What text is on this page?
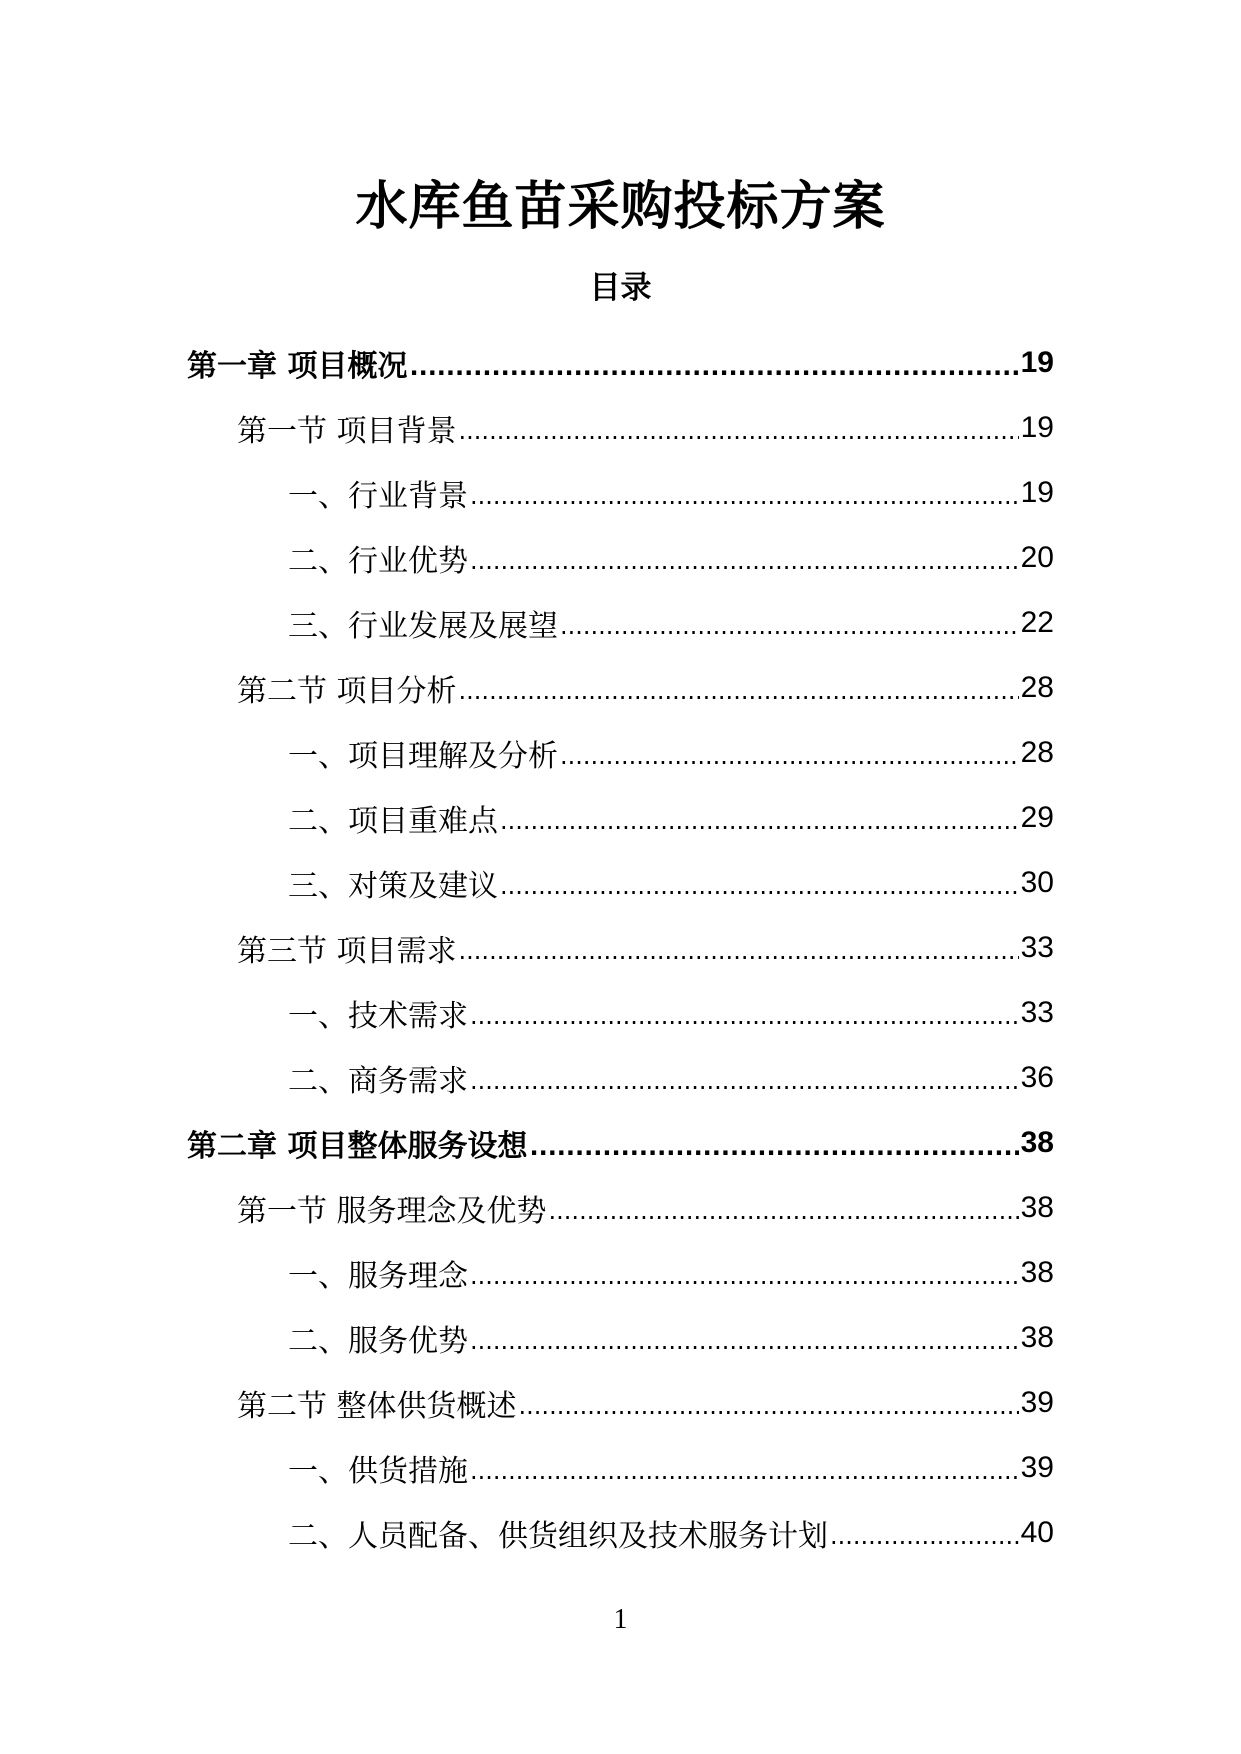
水库鱼苗采购投标方案
目录
第一章 项目概况 ·····	19
第一节 项目背景 ·····	19
一、行业背景 ·····	19
二、行业优势 ·····	20
三、行业发展及展望 ·····	22
第二节 项目分析 ·····	28
一、项目理解及分析 ·····	28
二、项目重难点 ·····	29
三、对策及建议 ·····	30
第三节 项目需求 ·····	33
一、技术需求 ·····	33
二、商务需求 ·····	36
第二章 项目整体服务设想 ·····	38
第一节 服务理念及优势 ·····	38
一、服务理念 ·····	38
二、服务优势 ·····	38
第二节 整体供货概述 ·····	39
一、供货措施 ·····	39
二、人员配备、供货组织及技术服务计划 ·····	40
1
